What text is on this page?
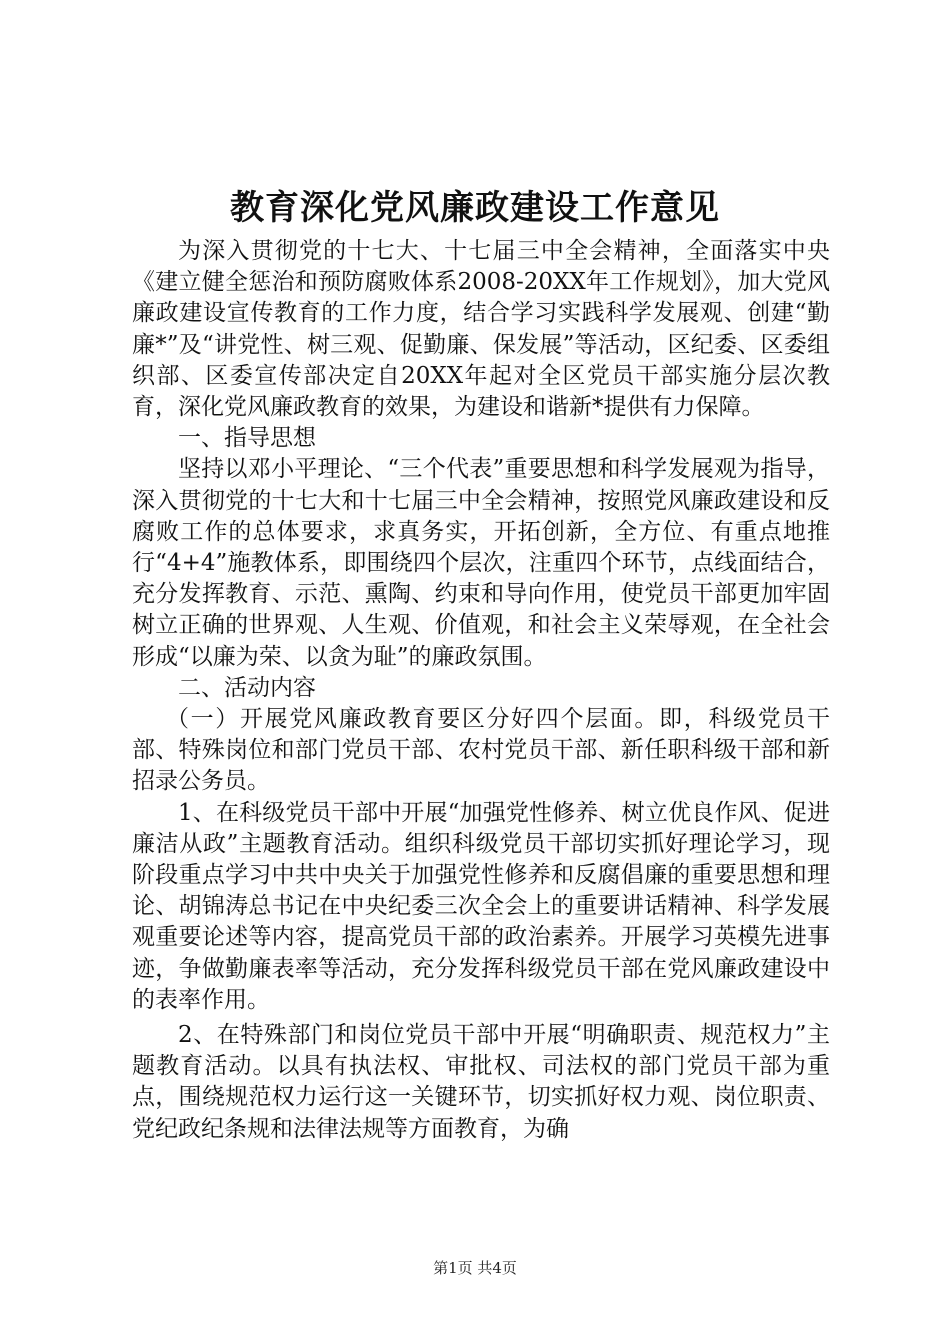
教育深化党风廉政建设工作意见

为深入贯彻党的十七大、十七届三中全会精神，全面落实中央《建立健全惩治和预防腐败体系2008-20XX年工作规划》，加大党风廉政建设宣传教育的工作力度，结合学习实践科学发展观、创建“勤廉*”及“讲党性、树三观、促勤廉、保发展”等活动，区纪委、区委组织部、区委宣传部决定自20XX年起对全区党员干部实施分层次教育，深化党风廉政教育的效果，为建设和谐新*提供有力保障。

一、指导思想

坚持以邓小平理论、“三个代表”重要思想和科学发展观为指导，深入贯彻党的十七大和十七届三中全会精神，按照党风廉政建设和反腐败工作的总体要求，求真务实，开拓创新，全方位、有重点地推行“4+4”施教体系，即围绕四个层次，注重四个环节，点线面结合，充分发挥教育、示范、熏陶、约束和导向作用，使党员干部更加牢固树立正确的世界观、人生观、价值观，和社会主义荣辱观，在全社会形成“以廉为荣、以贪为耻”的廉政氛围。

二、活动内容

（一）开展党风廉政教育要区分好四个层面。即，科级党员干部、特殊岗位和部门党员干部、农村党员干部、新任职科级干部和新招录公务员。

1、在科级党员干部中开展“加强党性修养、树立优良作风、促进廉洁从政”主题教育活动。组织科级党员干部切实抓好理论学习，现阶段重点学习中共中央关于加强党性修养和反腐倡廉的重要思想和理论、胡锦涛总书记在中央纪委三次全会上的重要讲话精神、科学发展观重要论述等内容，提高党员干部的政治素养。开展学习英模先进事迹，争做勤廉表率等活动，充分发挥科级党员干部在党风廉政建设中的表率作用。

2、在特殊部门和岗位党员干部中开展“明确职责、规范权力”主题教育活动。以具有执法权、审批权、司法权的部门党员干部为重点，围绕规范权力运行这一关键环节，切实抓好权力观、岗位职责、党纪政纪条规和法律法规等方面教育，为确

第1页 共4页
